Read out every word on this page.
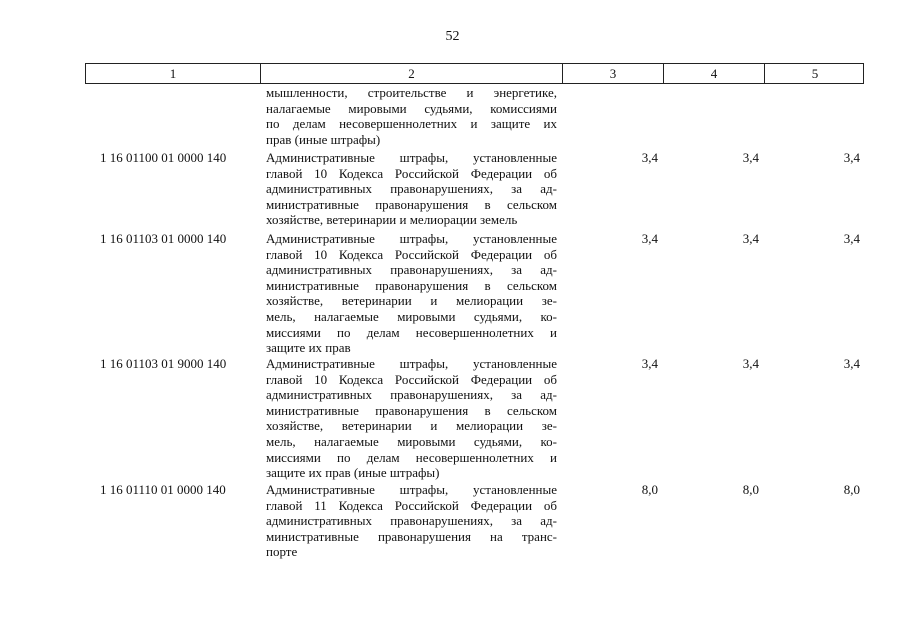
52
1	2	3	4	5
мышленности, строительстве и энергетике,
налагаемые мировыми судьями, комиссиями
по делам несовершеннолетних и защите их
прав (иные штрафы)
1 16 01100 01 0000 140	Административные штрафы, установленные
главой 10 Кодекса Российской Федерации об
административных правонарушениях, за ад-
министративные правонарушения в сельском
хозяйстве, ветеринарии и мелиорации земель
3,4	3,4	3,4
1 16 01103 01 0000 140	Административные штрафы, установленные
главой 10 Кодекса Российской Федерации об
административных правонарушениях, за ад-
министративные правонарушения в сельском
хозяйстве, ветеринарии и мелиорации зе-
мель, налагаемые мировыми судьями, ко-
миссиями по делам несовершеннолетних и
защите их прав
3,4	3,4	3,4
1 16 01103 01 9000 140	Административные штрафы, установленные
главой 10 Кодекса Российской Федерации об
административных правонарушениях, за ад-
министративные правонарушения в сельском
хозяйстве, ветеринарии и мелиорации зе-
мель, налагаемые мировыми судьями, ко-
миссиями по делам несовершеннолетних и
защите их прав (иные штрафы)
3,4	3,4	3,4
1 16 01110 01 0000 140	Административные штрафы, установленные
главой 11 Кодекса Российской Федерации об
административных правонарушениях, за ад-
министративные правонарушения на транс-
порте
8,0	8,0	8,0
